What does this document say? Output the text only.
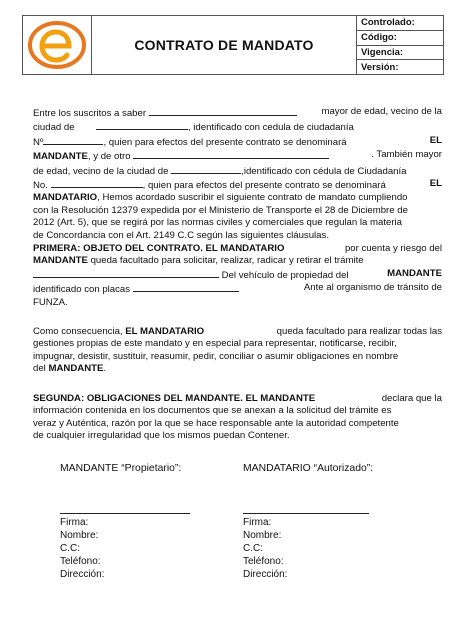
CONTRATO DE MANDATO
Controlado:
Código:
Vigencia:
Versión:
Entre los suscritos a saber	mayor de edad, vecino de la
ciudad de	, identificado con cedula de ciudadanía
Nº	, quien para efectos del presente contrato se denominará	EL
MANDANTE, y de otro	. También mayor
de edad, vecino de la ciudad de	,identificado con cédula de Ciudadanía
No.	, quien para efectos del presente contrato se denominará	EL
MANDATARIO, Hemos acordado suscribir el siguiente contrato de mandato cumpliendo
con la Resolución 12379 expedida por el Ministerio de Transporte el 28 de Diciembre de
2012 (Art. 5), que se regirá por las normas civiles y comerciales que regulan la materia
de Concordancia con el Art. 2149 C.C según las siguientes cláusulas.
PRIMERA: OBJETO DEL CONTRATO. EL MANDATARIO	por cuenta y riesgo del
MANDANTE queda facultado para solicitar, realizar, radicar y retirar el trámite
Del vehículo de propiedad del	MANDANTE
identificado con placas	Ante al organismo de tránsito de
FUNZA.
Como consecuencia, EL MANDATARIO	queda facultado para realizar todas las
gestiones propias de este mandato y en especial para representar, notificarse, recibir,
impugnar, desistir, sustituir, reasumir, pedir, conciliar o asumir obligaciones en nombre
del MANDANTE.
SEGUNDA: OBLIGACIONES DEL MANDANTE. EL MANDANTE	declara que la
información contenida en los documentos que se anexan a la solicitud del trámite es
veraz y Auténtica, razón por la que se hace responsable ante la autoridad competente
de cualquier irregularidad que los mismos puedan Contener.
MANDANTE “Propietario”:
Firma:
Nombre:
C.C:
Teléfono:
Dirección:
MANDATARIO “Autorizado”:
Firma:
Nombre:
C.C:
Teléfono:
Dirección:
